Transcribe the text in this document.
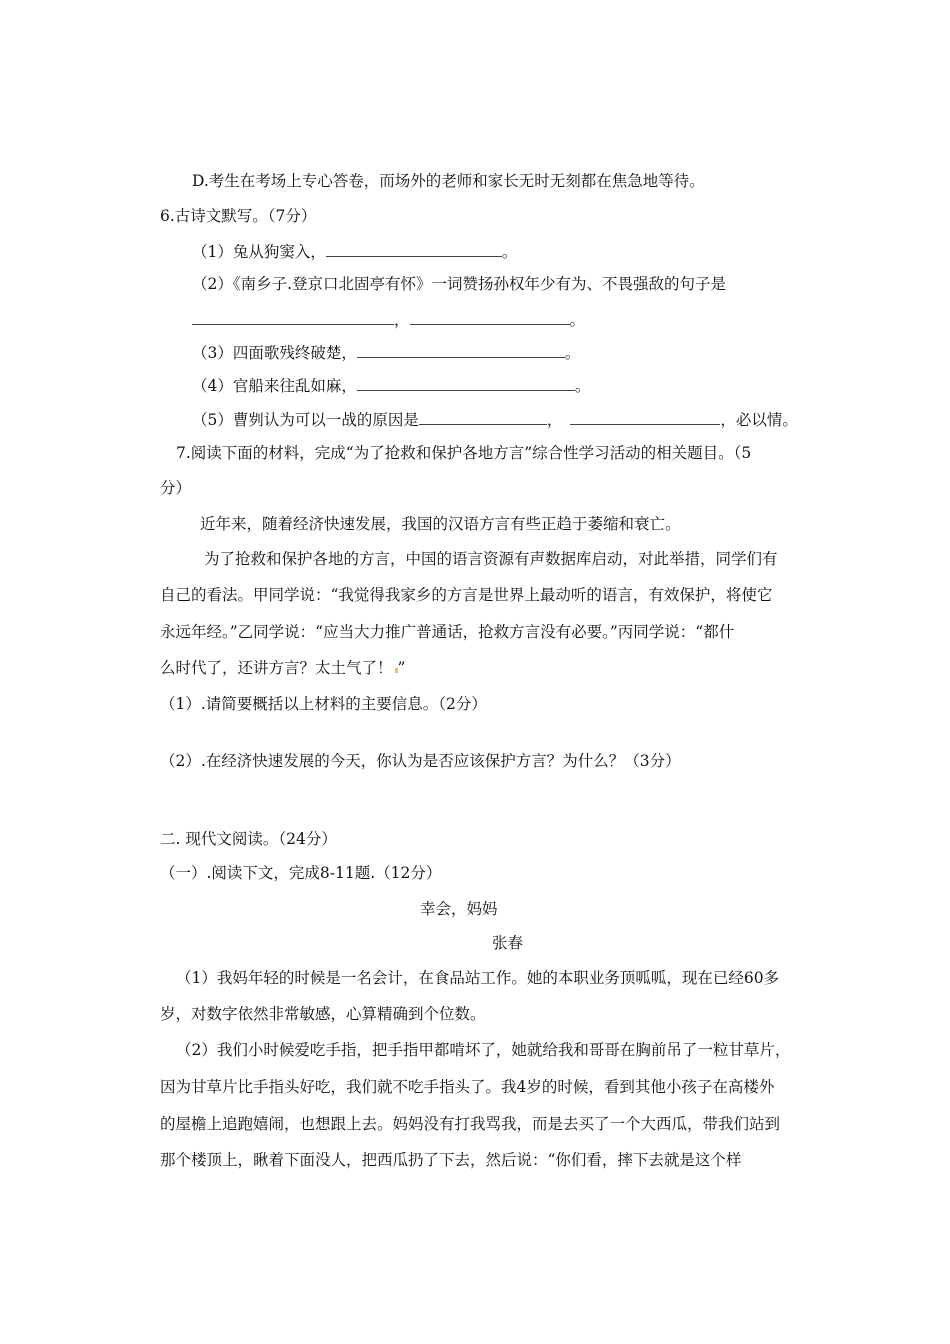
D.考生在考场上专心答卷，而场外的老师和家长无时无刻都在焦急地等待。
6.古诗文默写。（7分）
（1）兔从狗窦入，	。
（2）《南乡子.登京口北固亭有怀》一词赞扬孙权年少有为、不畏强敌的句子是
，	。
（3）四面歌残终破楚，	。
（4）官船来往乱如麻，	。
（5）曹刿认为可以一战的原因是	，	，必以情。
7.阅读下面的材料，完成“为了抢救和保护各地方言”综合性学习活动的相关题目。（5
分）
近年来，随着经济快速发展，我国的汉语方言有些正趋于萎缩和衰亡。
为了抢救和保护各地的方言，中国的语言资源有声数据库启动，对此举措，同学们有
自己的看法。甲同学说：“我觉得我家乡的方言是世界上最动听的语言，有效保护，将使它
永远年经。”乙同学说：“应当大力推广普通话，抢救方言没有必要。”丙同学说：“都什
么时代了，还讲方言？太土气了！ ”
（1）.请简要概括以上材料的主要信息。（2分）
（2）.在经济快速发展的今天，你认为是否应该保护方言？为什么？（3分）
二. 现代文阅读。（24分）
（一）.阅读下文，完成8-11题.（12分）
幸会，妈妈
张春
（1）我妈年轻的时候是一名会计，在食品站工作。她的本职业务顶呱呱，现在已经60多
岁，对数字依然非常敏感，心算精确到个位数。
（2）我们小时候爱吃手指，把手指甲都啃坏了，她就给我和哥哥在胸前吊了一粒甘草片，
因为甘草片比手指头好吃，我们就不吃手指头了。我4岁的时候，看到其他小孩子在高楼外
的屋檐上追跑嬉闹，也想跟上去。妈妈没有打我骂我，而是去买了一个大西瓜，带我们站到
那个楼顶上，瞅着下面没人，把西瓜扔了下去，然后说：“你们看，摔下去就是这个样
